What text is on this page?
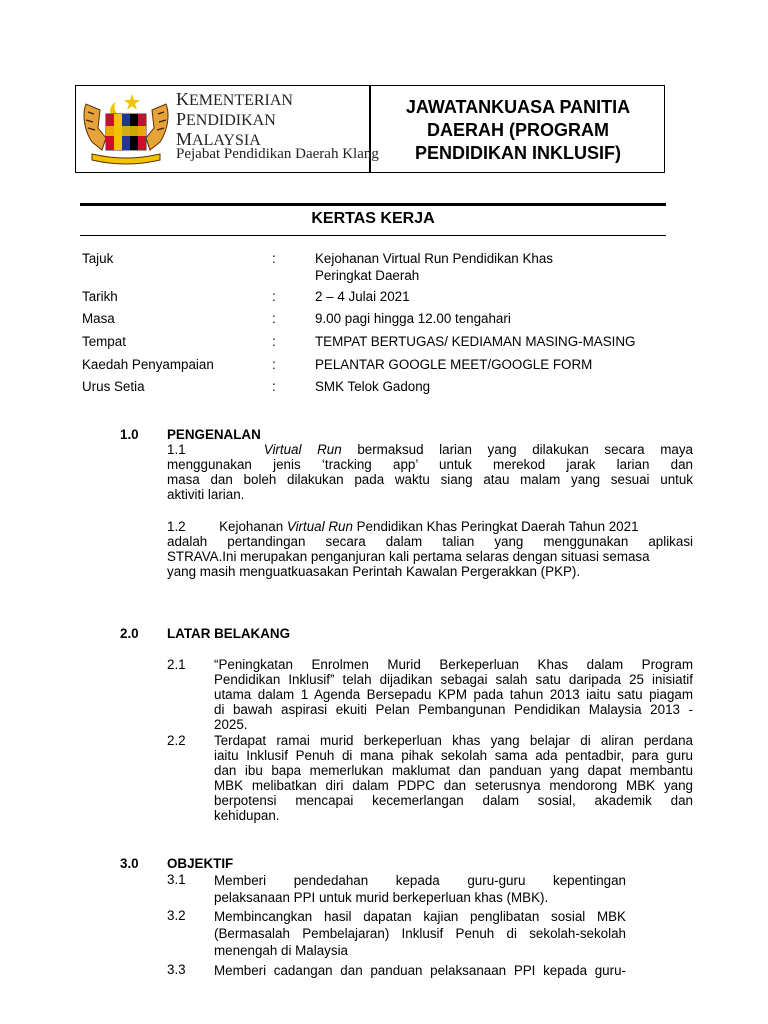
KEMENTERIAN
PENDIDIKAN
MALAYSIA
Pejabat Pendidikan Daerah Klang
JAWATANKUASA PANITIA
DAERAH (PROGRAM
PENDIDIKAN INKLUSIF)
KERTAS KERJA
Tajuk	:	Kejohanan Virtual Run Pendidikan Khas
Peringkat Daerah
Tarikh	:	2 – 4 Julai 2021
Masa	:	9.00 pagi hingga 12.00 tengahari
Tempat	:	TEMPAT BERTUGAS/ KEDIAMAN MASING-MASING
Kaedah Penyampaian	:	PELANTAR GOOGLE MEET/GOOGLE FORM
Urus Setia	:	SMK Telok Gadong
1.0 PENGENALAN
1.1	Virtual Run bermaksud larian yang dilakukan secara maya
menggunakan jenis ‘tracking app’ untuk merekod jarak larian dan
masa dan boleh dilakukan pada waktu siang atau malam yang sesuai untuk
aktiviti larian.
1.2 Kejohanan Virtual Run Pendidikan Khas Peringkat Daerah Tahun 2021
adalah pertandingan secara dalam talian yang menggunakan aplikasi
STRAVA.Ini merupakan penganjuran kali pertama selaras dengan situasi semasa
yang masih menguatkuasakan Perintah Kawalan Pergerakkan (PKP).
2.0 LATAR BELAKANG
2.1 “Peningkatan Enrolmen Murid Berkeperluan Khas dalam Program
Pendidikan Inklusif” telah dijadikan sebagai salah satu daripada 25 inisiatif
utama dalam 1 Agenda Bersepadu KPM pada tahun 2013 iaitu satu piagam
di bawah aspirasi ekuiti Pelan Pembangunan Pendidikan Malaysia 2013 -
2025.
2.2 Terdapat ramai murid berkeperluan khas yang belajar di aliran perdana
iaitu Inklusif Penuh di mana pihak sekolah sama ada pentadbir, para guru
dan ibu bapa memerlukan maklumat dan panduan yang dapat membantu
MBK melibatkan diri dalam PDPC dan seterusnya mendorong MBK yang
berpotensi mencapai kecemerlangan dalam sosial, akademik dan
kehidupan.
3.0 OBJEKTIF
3.1 Memberi pendedahan kepada guru-guru kepentingan
pelaksanaan PPI untuk murid berkeperluan khas (MBK).
3.2 Membincangkan hasil dapatan kajian penglibatan sosial MBK
(Bermasalah Pembelajaran) Inklusif Penuh di sekolah-sekolah
menengah di Malaysia
3.3 Memberi cadangan dan panduan pelaksanaan PPI kepada guru-
